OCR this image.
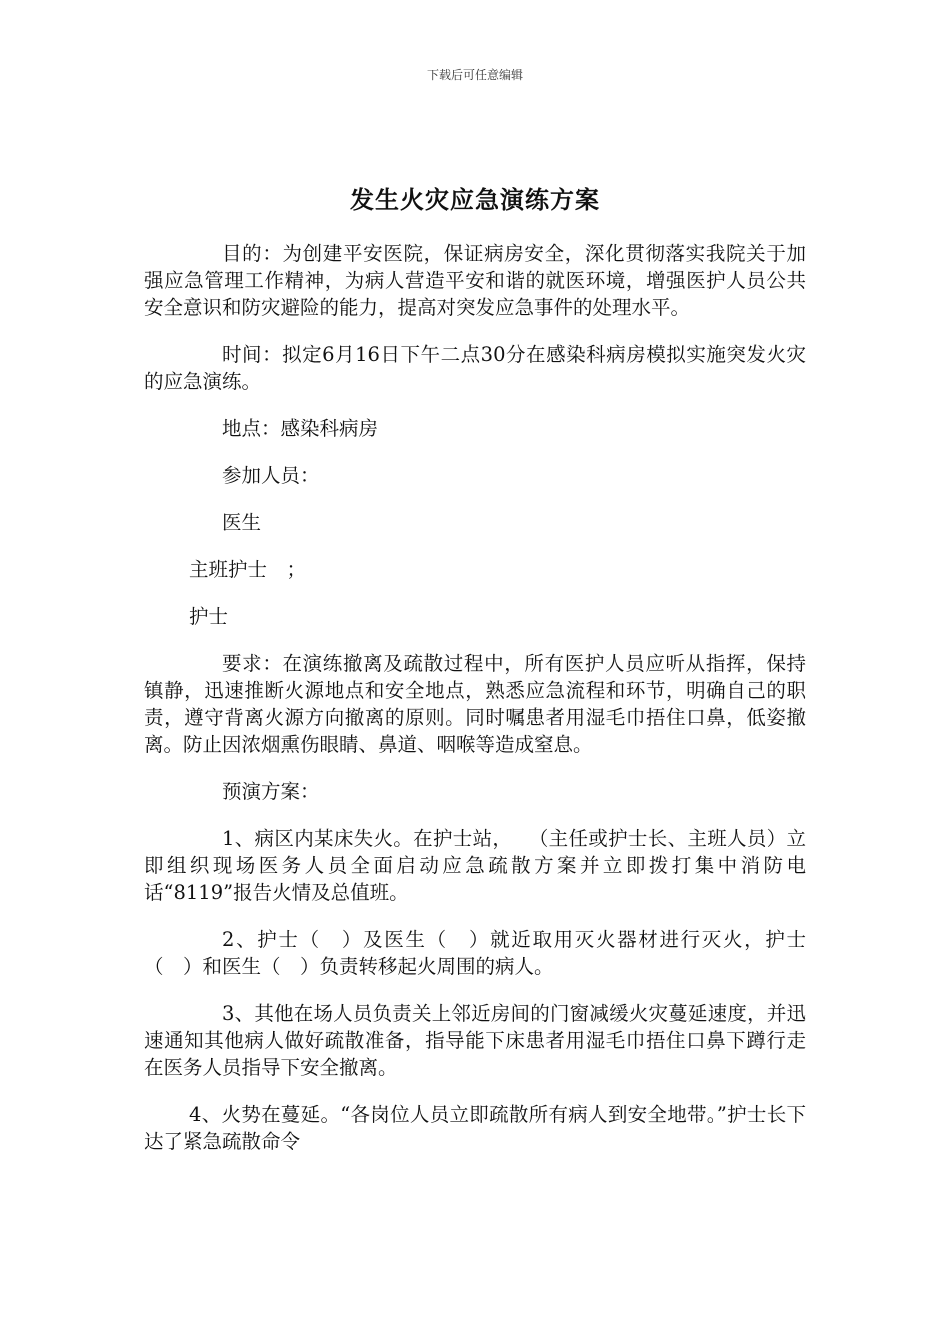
下载后可任意编辑
发生火灾应急演练方案

目的：为创建平安医院，保证病房安全，深化贯彻落实我院关于加强应急管理工作精神，为病人营造平安和谐的就医环境，增强医护人员公共安全意识和防灾避险的能力，提高对突发应急事件的处理水平。

时间：拟定6月16日下午二点30分在感染科病房模拟实施突发火灾的应急演练。

地点：感染科病房

参加人员：

医生

主班护士　；

护士

要求：在演练撤离及疏散过程中，所有医护人员应听从指挥，保持镇静，迅速推断火源地点和安全地点，熟悉应急流程和环节，明确自己的职责，遵守背离火源方向撤离的原则。同时嘱患者用湿毛巾捂住口鼻，低姿撤离。防止因浓烟熏伤眼睛、鼻道、咽喉等造成窒息。

预演方案：

1、病区内某床失火。在护士站，　 （主任或护士长、主班人员）立即组织现场医务人员全面启动应急疏散方案并立即拨打集中消防电话“8119”报告火情及总值班。

2、护士（　）及医生（　）就近取用灭火器材进行灭火，护士（　）和医生（　）负责转移起火周围的病人。

3、其他在场人员负责关上邻近房间的门窗减缓火灾蔓延速度，并迅速通知其他病人做好疏散准备，指导能下床患者用湿毛巾捂住口鼻下蹲行走在医务人员指导下安全撤离。

4、火势在蔓延。“各岗位人员立即疏散所有病人到安全地带。”护士长下达了紧急疏散命令
